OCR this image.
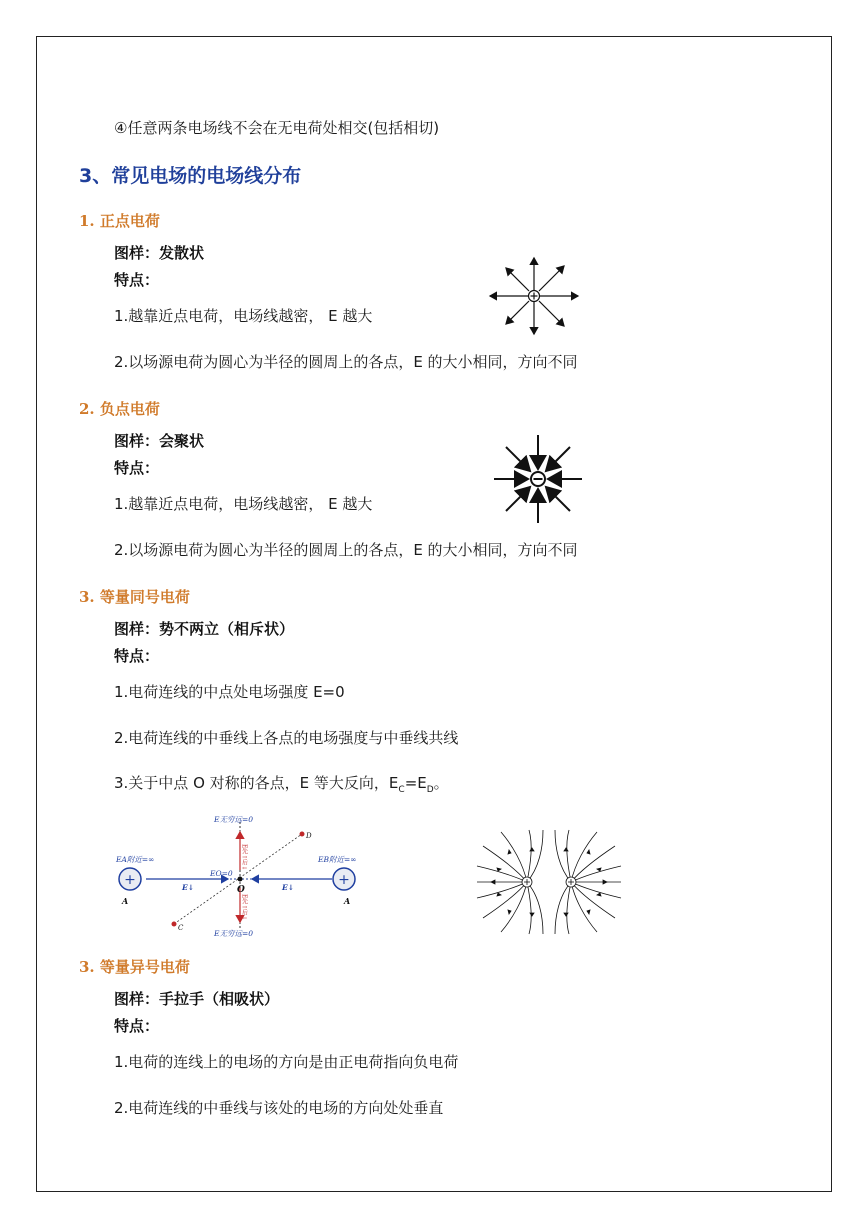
④任意两条电场线不会在无电荷处相交(包括相切)
3、常见电场的电场线分布
1. 正点电荷
图样：发散状
特点：
1.越靠近点电荷，电场线越密， E 越大
2.以场源电荷为圆心为半径的圆周上的各点，E 的大小相同，方向不同
2. 负点电荷
图样：会聚状
特点：
1.越靠近点电荷，电场线越密， E 越大
2.以场源电荷为圆心为半径的圆周上的各点，E 的大小相同，方向不同
3. 等量同号电荷
图样：势不两立（相斥状）
特点：
1.电荷连线的中点处电场强度 E=0
2.电荷连线的中垂线上各点的电场强度与中垂线共线
3.关于中点 O 对称的各点，E 等大反向，$E_C=E_D$。
+	+
E无穷远=0
E无穷远=0
EA附近=∞	EB附近=∞
EO=0
O
A	A
C
D
E↓	E↓
E先↑后↓
E先↑后↓
3. 等量异号电荷
图样：手拉手（相吸状）
特点：
1.电荷的连线上的电场的方向是由正电荷指向负电荷
2.电荷连线的中垂线与该处的电场的方向处处垂直
